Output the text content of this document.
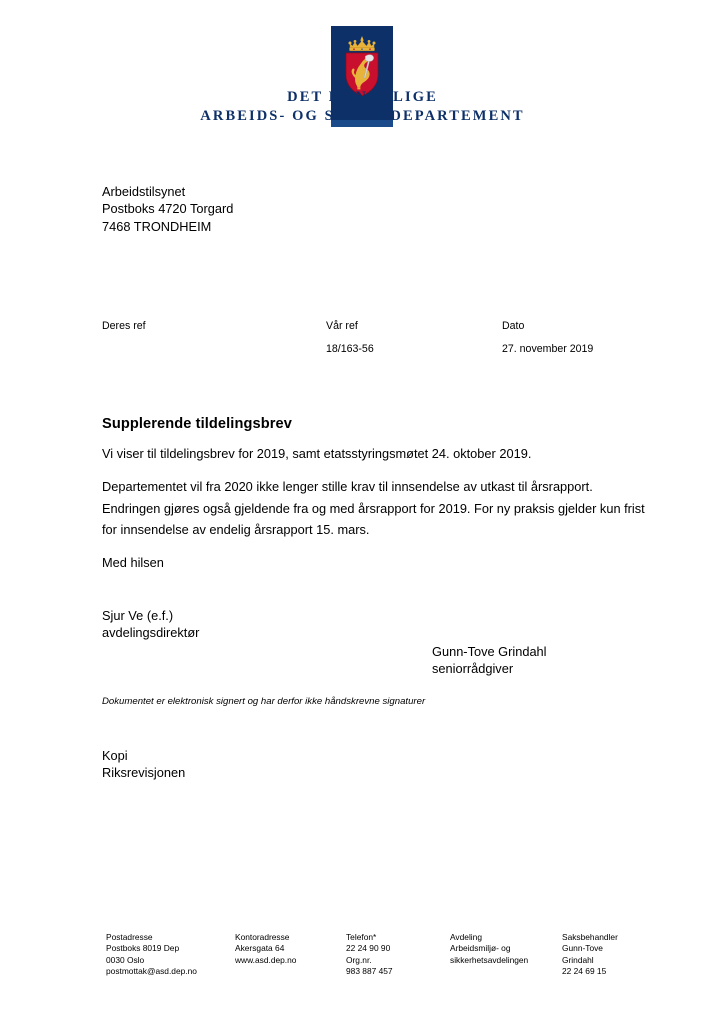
DET KONGELIGE
ARBEIDS- OG SOSIALDEPARTEMENT
Arbeidstilsynet
Postboks 4720 Torgard
7468 TRONDHEIM
Deres ref	Vår ref
18/163-56
Dato
27. november 2019
Supplerende tildelingsbrev
Vi viser til tildelingsbrev for 2019, samt etatsstyringsmøtet 24. oktober 2019.
Departementet vil fra 2020 ikke lenger stille krav til innsendelse av utkast til årsrapport. Endringen gjøres også gjeldende fra og med årsrapport for 2019. For ny praksis gjelder kun frist for innsendelse av endelig årsrapport 15. mars.
Med hilsen
Sjur Ve (e.f.)
avdelingsdirektør
Gunn-Tove Grindahl
seniorrådgiver
Dokumentet er elektronisk signert og har derfor ikke håndskrevne signaturer
Kopi
Riksrevisjonen
Postadresse
Postboks 8019 Dep
0030 Oslo
postmottak@asd.dep.no
Kontoradresse
Akersgata 64
www.asd.dep.no
Telefon*
22 24 90 90
Org.nr.
983 887 457
Avdeling
Arbeidsmiljø- og
sikkerhetsavdelingen
Saksbehandler
Gunn-Tove
Grindahl
22 24 69 15
